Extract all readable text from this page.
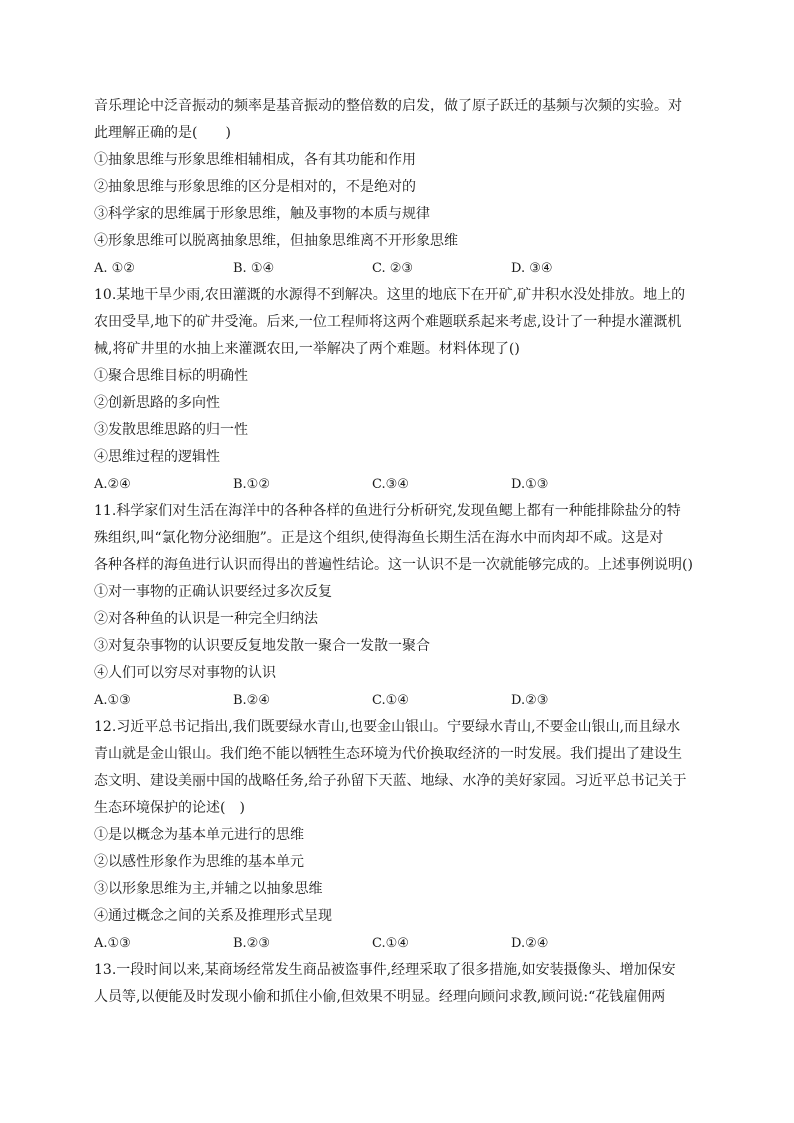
音乐理论中泛音振动的频率是基音振动的整倍数的启发，做了原子跃迁的基频与次频的实验。对
此理解正确的是(　　)
①抽象思维与形象思维相辅相成，各有其功能和作用
②抽象思维与形象思维的区分是相对的，不是绝对的
③科学家的思维属于形象思维，触及事物的本质与规律
④形象思维可以脱离抽象思维，但抽象思维离不开形象思维
A. ①②	B. ①④	C. ②③	D. ③④
10.某地干旱少雨,农田灌溉的水源得不到解决。这里的地底下在开矿,矿井积水没处排放。地上的
农田受旱,地下的矿井受淹。后来,一位工程师将这两个难题联系起来考虑,设计了一种提水灌溉机
械,将矿井里的水抽上来灌溉农田,一举解决了两个难题。材料体现了()
①聚合思维目标的明确性
②创新思路的多向性
③发散思维思路的归一性
④思维过程的逻辑性
A.②④	B.①②	C.③④	D.①③
11.科学家们对生活在海洋中的各种各样的鱼进行分析研究,发现鱼鳃上都有一种能排除盐分的特
殊组织,叫“氯化物分泌细胞”。正是这个组织,使得海鱼长期生活在海水中而肉却不咸。这是对
各种各样的海鱼进行认识而得出的普遍性结论。这一认识不是一次就能够完成的。上述事例说明()
①对一事物的正确认识要经过多次反复
②对各种鱼的认识是一种完全归纳法
③对复杂事物的认识要反复地发散一聚合一发散一聚合
④人们可以穷尽对事物的认识
A.①③	B.②④	C.①④	D.②③
12.习近平总书记指出,我们既要绿水青山,也要金山银山。宁要绿水青山,不要金山银山,而且绿水
青山就是金山银山。我们绝不能以牺牲生态环境为代价换取经济的一时发展。我们提出了建设生
态文明、建设美丽中国的战略任务,给子孙留下天蓝、地绿、水净的美好家园。习近平总书记关于
生态环境保护的论述(　)
①是以概念为基本单元进行的思维
②以感性形象作为思维的基本单元
③以形象思维为主,并辅之以抽象思维
④通过概念之间的关系及推理形式呈现
A.①③	B.②③	C.①④	D.②④
13.一段时间以来,某商场经常发生商品被盗事件,经理采取了很多措施,如安装摄像头、增加保安
人员等,以便能及时发现小偷和抓住小偷,但效果不明显。经理向顾问求教,顾问说:“花钱雇佣两
